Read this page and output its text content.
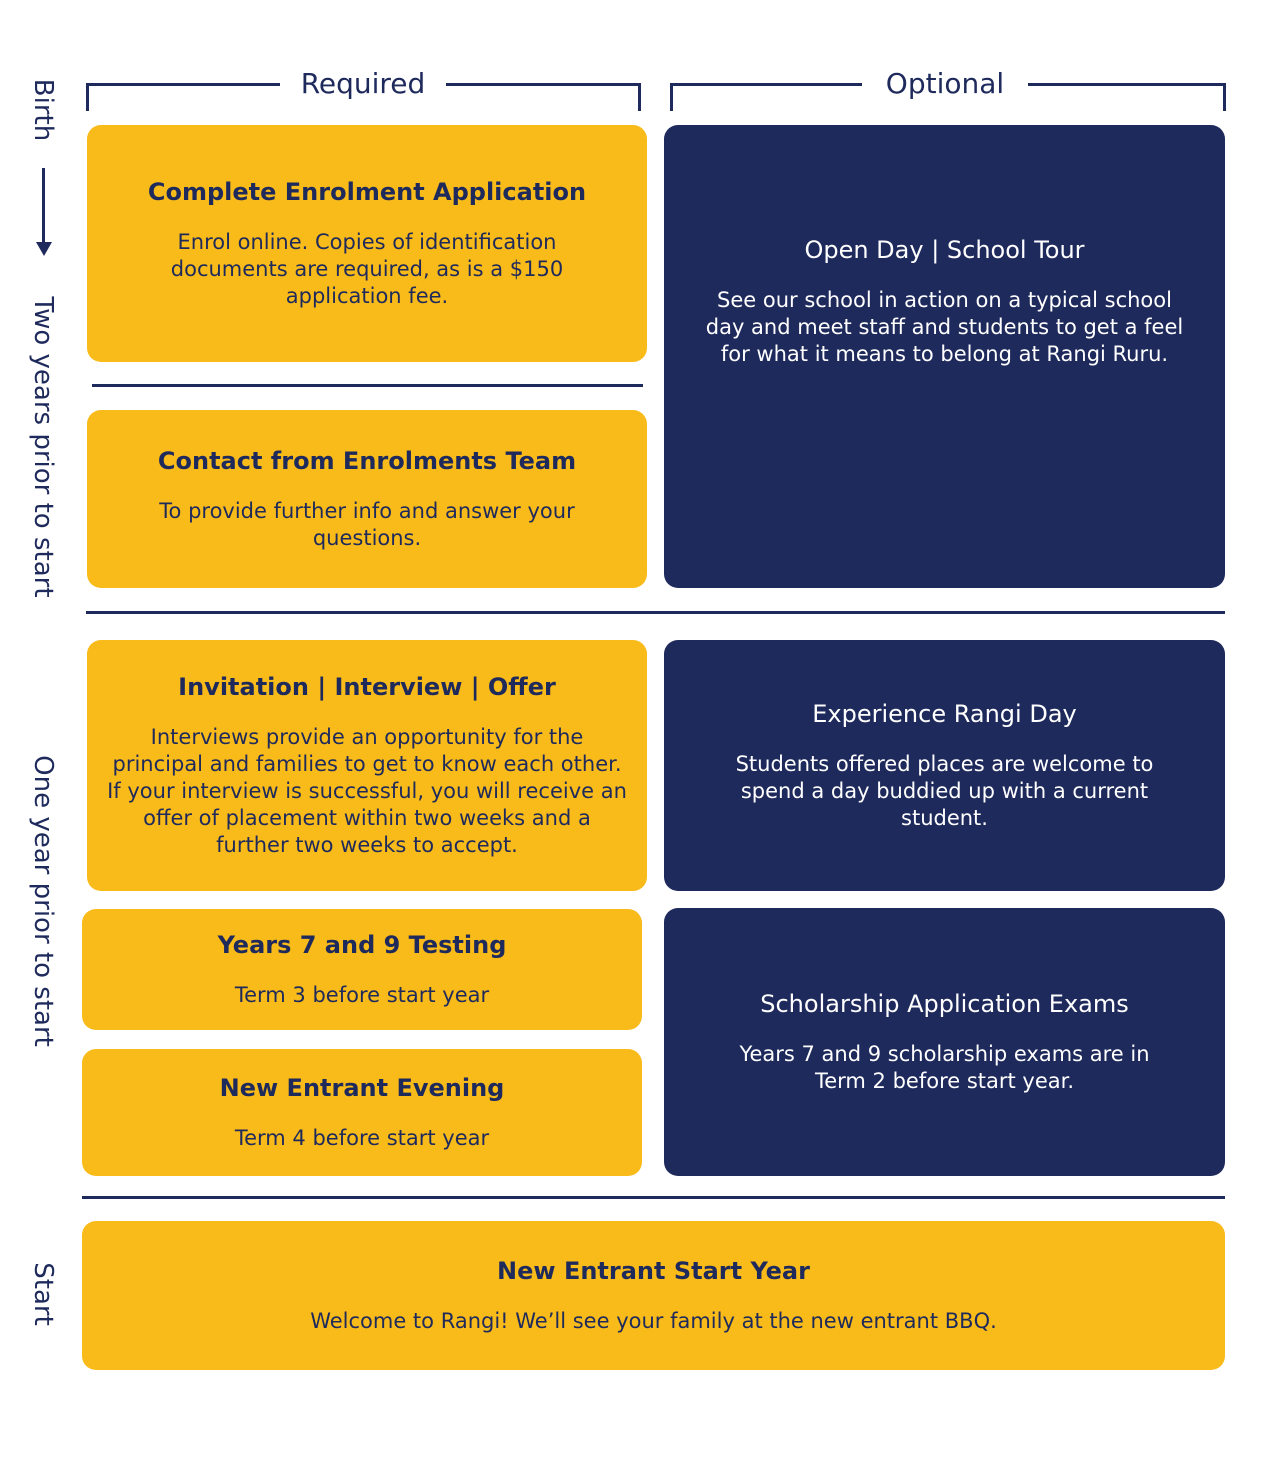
Required	Optional
Birth
Two years prior to start
One year prior to start
Start
Complete Enrolment Application
Enrol online. Copies of identification documents are required, as is a $150 application fee.
Contact from Enrolments Team
To provide further info and answer your questions.
Invitation | Interview | Offer
Interviews provide an opportunity for the principal and families to get to know each other. If your interview is successful, you will receive an offer of placement within two weeks and a further two weeks to accept.
Years 7 and 9 Testing
Term 3 before start year
New Entrant Evening
Term 4 before start year
Open Day | School Tour
See our school in action on a typical school day and meet staff and students to get a feel for what it means to belong at Rangi Ruru.
Experience Rangi Day
Students offered places are welcome to spend a day buddied up with a current student.
Scholarship Application Exams
Years 7 and 9 scholarship exams are in Term 2 before start year.
New Entrant Start Year
Welcome to Rangi! We’ll see your family at the new entrant BBQ.
